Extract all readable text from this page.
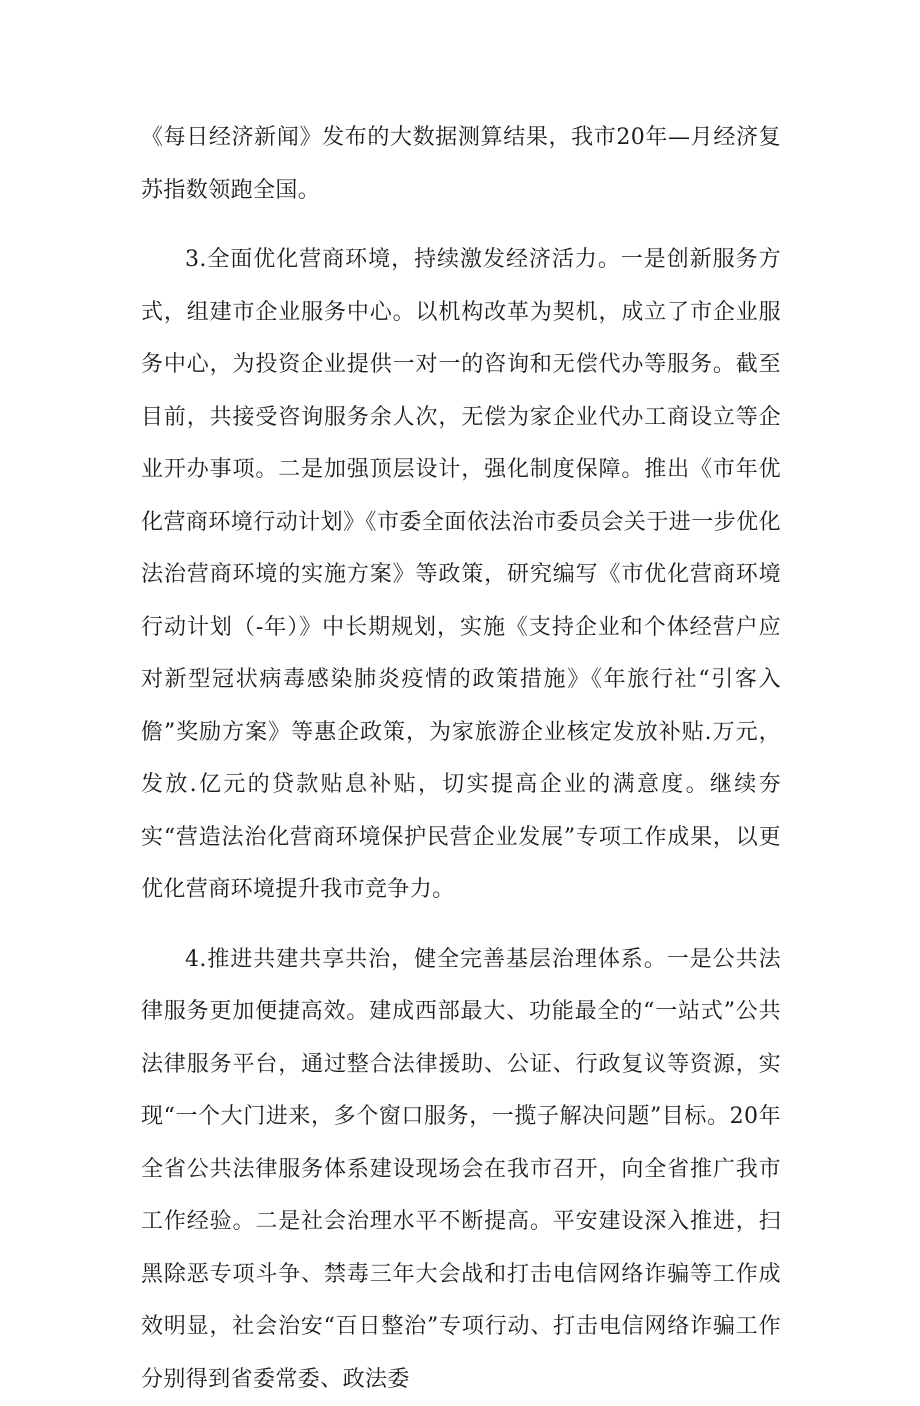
《每日经济新闻》发布的大数据测算结果，我市20年—月经济复苏指数领跑全国。

3.全面优化营商环境，持续激发经济活力。一是创新服务方式，组建市企业服务中心。以机构改革为契机，成立了市企业服务中心，为投资企业提供一对一的咨询和无偿代办等服务。截至目前，共接受咨询服务余人次，无偿为家企业代办工商设立等企业开办事项。二是加强顶层设计，强化制度保障。推出《市年优化营商环境行动计划》《市委全面依法治市委员会关于进一步优化法治营商环境的实施方案》等政策，研究编写《市优化营商环境行动计划（-年）》中长期规划，实施《支持企业和个体经营户应对新型冠状病毒感染肺炎疫情的政策措施》《年旅行社“引客入儋”奖励方案》等惠企政策，为家旅游企业核定发放补贴.万元，发放.亿元的贷款贴息补贴，切实提高企业的满意度。继续夯实“营造法治化营商环境保护民营企业发展”专项工作成果，以更优化营商环境提升我市竞争力。

4.推进共建共享共治，健全完善基层治理体系。一是公共法律服务更加便捷高效。建成西部最大、功能最全的“一站式”公共法律服务平台，通过整合法律援助、公证、行政复议等资源，实现“一个大门进来，多个窗口服务，一揽子解决问题”目标。20年全省公共法律服务体系建设现场会在我市召开，向全省推广我市工作经验。二是社会治理水平不断提高。平安建设深入推进，扫黑除恶专项斗争、禁毒三年大会战和打击电信网络诈骗等工作成效明显，社会治安“百日整治”专项行动、打击电信网络诈骗工作分别得到省委常委、政法委
